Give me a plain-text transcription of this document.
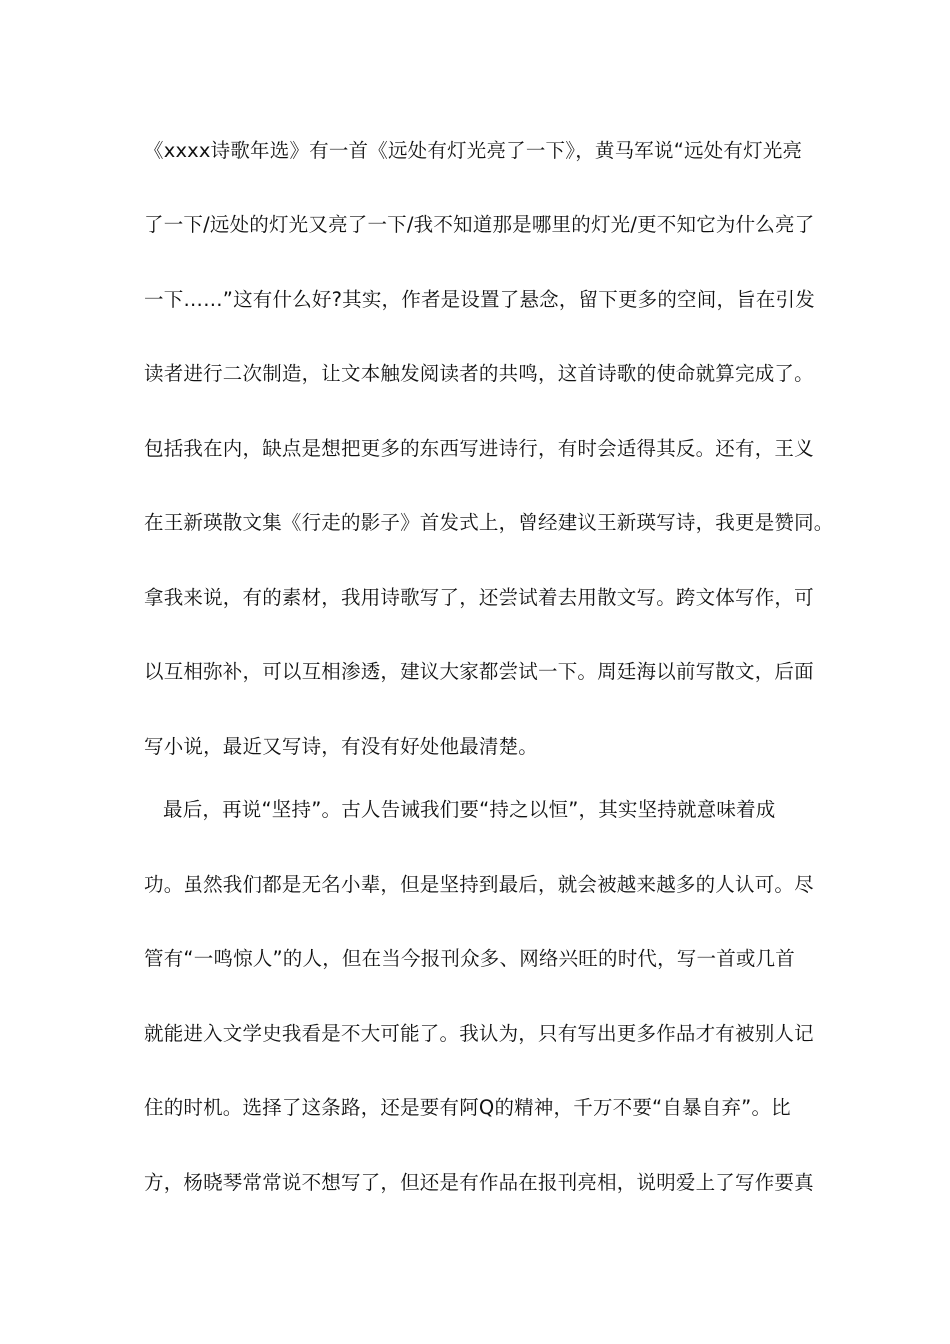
《xxxx诗歌年选》有一首《远处有灯光亮了一下》，黄马军说“远处有灯光亮
了一下/远处的灯光又亮了一下/我不知道那是哪里的灯光/更不知它为什么亮了
一下……”这有什么好?其实，作者是设置了悬念，留下更多的空间，旨在引发
读者进行二次制造，让文本触发阅读者的共鸣，这首诗歌的使命就算完成了。
包括我在内，缺点是想把更多的东西写进诗行，有时会适得其反。还有，王义
在王新瑛散文集《行走的影子》首发式上，曾经建议王新瑛写诗，我更是赞同。
拿我来说，有的素材，我用诗歌写了，还尝试着去用散文写。跨文体写作，可
以互相弥补，可以互相渗透，建议大家都尝试一下。周廷海以前写散文，后面
写小说，最近又写诗，有没有好处他最清楚。
最后，再说“坚持”。古人告诫我们要“持之以恒”，其实坚持就意味着成
功。虽然我们都是无名小辈，但是坚持到最后，就会被越来越多的人认可。尽
管有“一鸣惊人”的人，但在当今报刊众多、网络兴旺的时代，写一首或几首
就能进入文学史我看是不大可能了。我认为，只有写出更多作品才有被别人记
住的时机。选择了这条路，还是要有阿Q的精神，千万不要“自暴自弃”。比
方，杨晓琴常常说不想写了，但还是有作品在报刊亮相，说明爱上了写作要真
